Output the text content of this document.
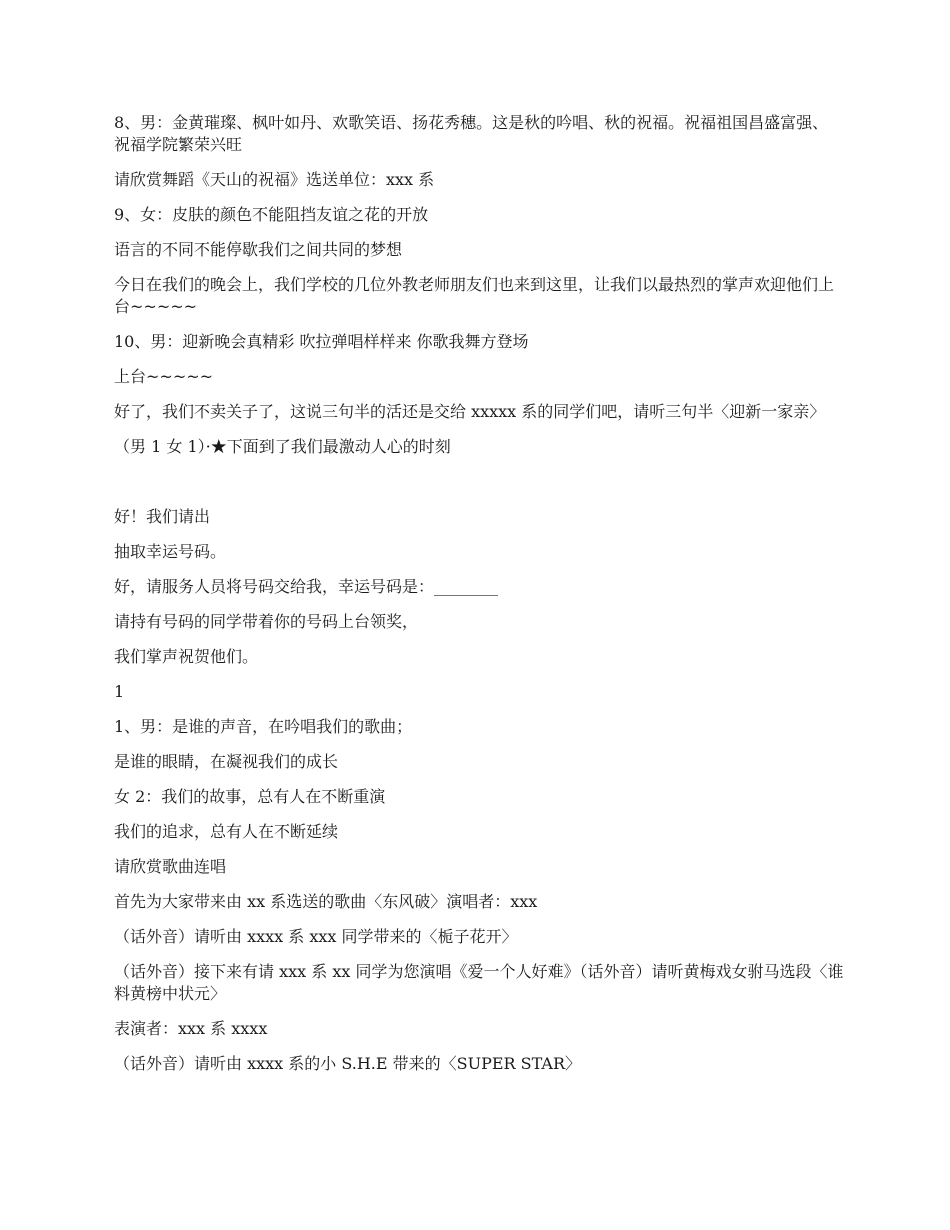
8、男：金黄璀璨、枫叶如丹、欢歌笑语、扬花秀穗。这是秋的吟唱、秋的祝福。祝福祖国昌盛富强、祝福学院繁荣兴旺

请欣赏舞蹈《天山的祝福》选送单位：xxx 系

9、女：皮肤的颜色不能阻挡友谊之花的开放

语言的不同不能停歇我们之间共同的梦想

今日在我们的晚会上，我们学校的几位外教老师朋友们也来到这里，让我们以最热烈的掌声欢迎他们上台~~~~~

10、男：迎新晚会真精彩 吹拉弹唱样样来 你歌我舞方登场

上台~~~~~

好了，我们不卖关子了，这说三句半的活还是交给 xxxxx 系的同学们吧，请听三句半〈迎新一家亲〉

（男 1 女 1）·★下面到了我们最激动人心的时刻

好！我们请出

抽取幸运号码。

好，请服务人员将号码交给我，幸运号码是：________

请持有号码的同学带着你的号码上台领奖，

我们掌声祝贺他们。

1

1、男：是谁的声音，在吟唱我们的歌曲；

是谁的眼睛，在凝视我们的成长

女 2：我们的故事，总有人在不断重演

我们的追求，总有人在不断延续

请欣赏歌曲连唱

首先为大家带来由 xx 系选送的歌曲〈东风破〉演唱者：xxx

（话外音）请听由 xxxx 系 xxx 同学带来的〈栀子花开〉

（话外音）接下来有请 xxx 系 xx 同学为您演唱《爱一个人好难》（话外音）请听黄梅戏女驸马选段〈谁料黄榜中状元〉

表演者：xxx 系 xxxx

（话外音）请听由 xxxx 系的小 S.H.E 带来的〈SUPER STAR〉
